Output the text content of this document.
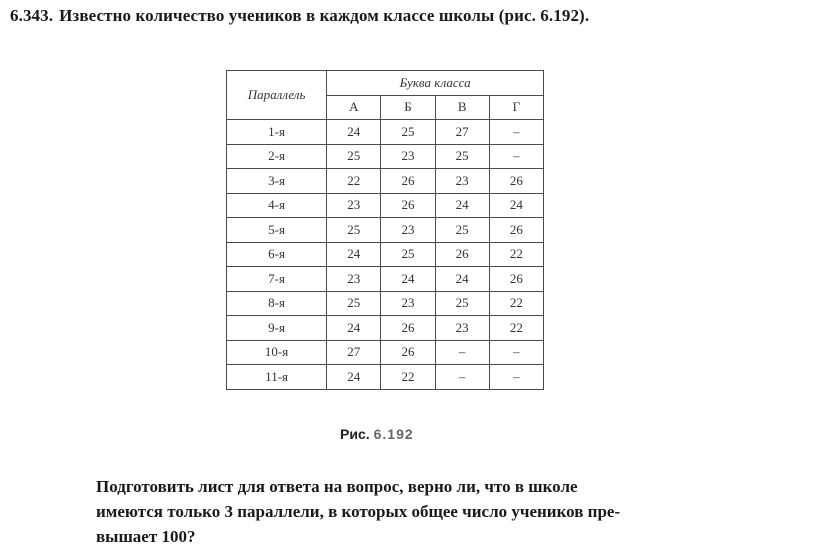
6.343. Известно количество учеников в каждом классе школы (рис. 6.192).
Параллель	Буква класса			
	А	Б	В	Г
1-я	24	25	27	–
2-я	25	23	25	–
3-я	22	26	23	26
4-я	23	26	24	24
5-я	25	23	25	26
6-я	24	25	26	22
7-я	23	24	24	26
8-я	25	23	25	22
9-я	24	26	23	22
10-я	27	26	–	–
11-я	24	22	–	–
Рис. 6.192
Подготовить лист для ответа на вопрос, верно ли, что в школе
имеются только 3 параллели, в которых общее число учеников пре-
вышает 100?
